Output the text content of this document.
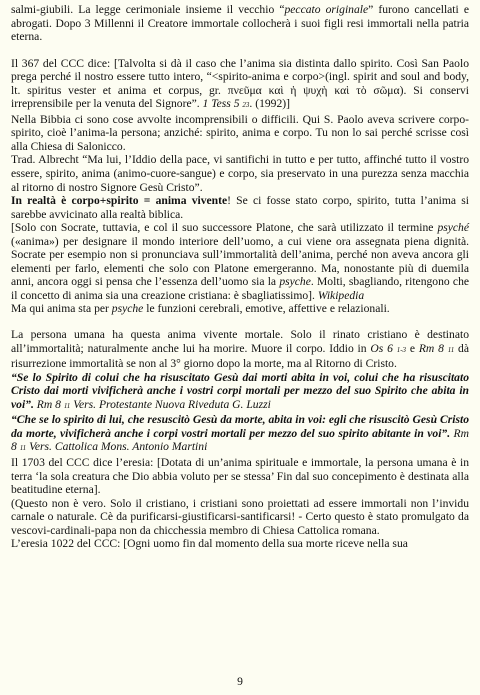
salmi-giubili. La legge cerimoniale insieme il vecchio “peccato originale” furono cancellati e abrogati. Dopo 3 Millenni il Creatore immortale collocherà i suoi figli resi immortali nella patria eterna.

Il 367 del CCC dice: [Talvolta si dà il caso che l’anima sia distinta dallo spirito. Così San Paolo prega perché il nostro essere tutto intero, “<spirito-anima e corpo>(ingl. spirit and soul and body, lt. spiritus vester et anima et corpus, gr. πνεῦμα καὶ ἡ ψυχὴ καὶ τὸ σῶμα). Si conservi irreprensibile per la venuta del Signore”. 1 Tess 5 23. (1992)]

Nella Bibbia ci sono cose avvolte incomprensibili o difficili. Qui S. Paolo aveva scrivere corpo-spirito, cioè l’anima-la persona; anziché: spirito, anima e corpo. Tu non lo sai perché scrisse così alla Chiesa di Salonicco.

Trad. Albrecht “Ma lui, l’Iddio della pace, vi santifichi in tutto e per tutto, affinché tutto il vostro essere, spirito, anima (animo-cuore-sangue) e corpo, sia preservato in una purezza senza macchia al ritorno di nostro Signore Gesù Cristo”.

In realtà è corpo+spirito = anima vivente! Se ci fosse stato corpo, spirito, tutta l’anima si sarebbe avvicinato alla realtà biblica.

[Solo con Socrate, tuttavia, e col il suo successore Platone, che sarà utilizzato il termine psyché («anima») per designare il mondo interiore dell’uomo, a cui viene ora assegnata piena dignità. Socrate per esempio non si pronunciava sull’immortalità dell’anima, perché non aveva ancora gli elementi per farlo, elementi che solo con Platone emergeranno. Ma, nonostante più di duemila anni, ancora oggi si pensa che l’essenza dell’uomo sia la psyche. Molti, sbagliando, ritengono che il concetto di anima sia una creazione cristiana: è sbagliatissimo]. Wikipedia

Ma qui anima sta per psyche le funzioni cerebrali, emotive, affettive e relazionali.

La persona umana ha questa anima vivente mortale. Solo il rinato cristiano è destinato all’immortalità; naturalmente anche lui ha morire. Muore il corpo. Iddio in Os 6 1-3 e Rm 8 11 dà risurrezione immortalità se non al 3° giorno dopo la morte, ma al Ritorno di Cristo.

“Se lo Spirito di colui che ha risuscitato Gesù dai morti abita in voi, colui che ha risuscitato Cristo dai morti vivificherà anche i vostri corpi mortali per mezzo del suo Spirito che abita in voi”. Rm 8 11 Vers. Protestante Nuova Riveduta G. Luzzi

“Che se lo spirito di lui, che resuscitò Gesù da morte, abita in voi: egli che risuscitò Gesù Cristo da morte, vivificherà anche i corpi vostri mortali per mezzo del suo spirito abitante in voi”. Rm 8 11 Vers. Cattolica Mons. Antonio Martini

Il 1703 del CCC dice l’eresia: [Dotata di un’anima spirituale e immortale, la persona umana è in terra ‘la sola creatura che Dio abbia voluto per se stessa’ Fin dal suo concepimento è destinata alla beatitudine eterna].

(Questo non è vero. Solo il cristiano, i cristiani sono proiettati ad essere immortali non l’invidu carnale o naturale. Cè da purificarsi-giustificarsi-santificarsi! - Certo questo è stato promulgato da vescovi-cardinali-papa non da chicchessia membro di Chiesa Cattolica romana.

L’eresia 1022 del CCC: [Ogni uomo fin dal momento della sua morte riceve nella sua

9
